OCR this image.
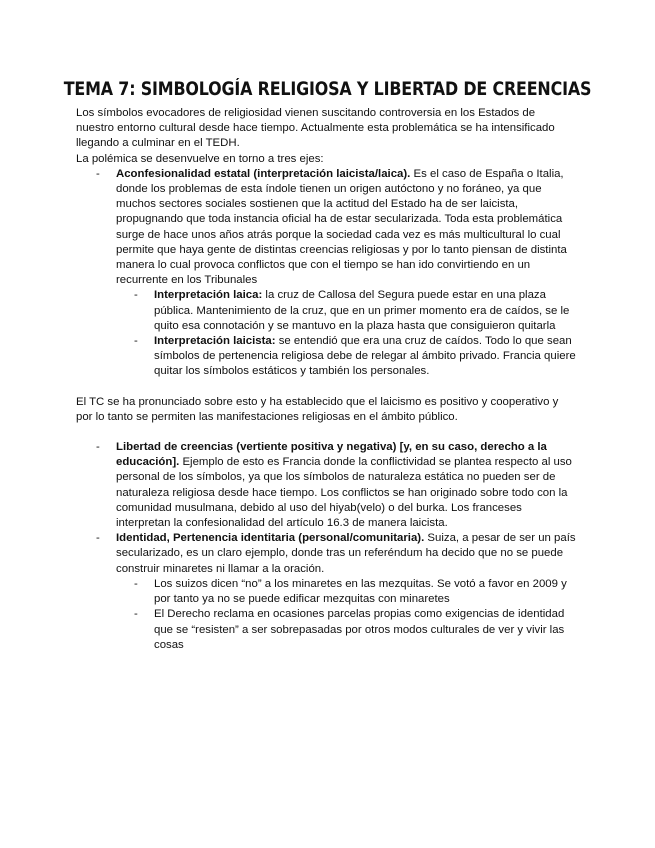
TEMA 7: SIMBOLOGÍA RELIGIOSA Y LIBERTAD DE CREENCIAS

Los símbolos evocadores de religiosidad vienen suscitando controversia en los Estados de nuestro entorno cultural desde hace tiempo. Actualmente esta problemática se ha intensificado llegando a culminar en el TEDH.

La polémica se desenvuelve en torno a tres ejes:

- Aconfesionalidad estatal (interpretación laicista/laica). Es el caso de España o Italia, donde los problemas de esta índole tienen un origen autóctono y no foráneo, ya que muchos sectores sociales sostienen que la actitud del Estado ha de ser laicista, propugnando que toda instancia oficial ha de estar secularizada. Toda esta problemática surge de hace unos años atrás porque la sociedad cada vez es más multicultural lo cual permite que haya gente de distintas creencias religiosas y por lo tanto piensan de distinta manera lo cual provoca conflictos que con el tiempo se han ido convirtiendo en un recurrente en los Tribunales
- Interpretación laica: la cruz de Callosa del Segura puede estar en una plaza pública. Mantenimiento de la cruz, que en un primer momento era de caídos, se le quito esa connotación y se mantuvo en la plaza hasta que consiguieron quitarla
- Interpretación laicista: se entendió que era una cruz de caídos. Todo lo que sean símbolos de pertenencia religiosa debe de relegar al ámbito privado. Francia quiere quitar los símbolos estáticos y también los personales.

El TC se ha pronunciado sobre esto y ha establecido que el laicismo es positivo y cooperativo y por lo tanto se permiten las manifestaciones religiosas en el ámbito público.

- Libertad de creencias (vertiente positiva y negativa) [y, en su caso, derecho a la educación]. Ejemplo de esto es Francia donde la conflictividad se plantea respecto al uso personal de los símbolos, ya que los símbolos de naturaleza estática no pueden ser de naturaleza religiosa desde hace tiempo. Los conflictos se han originado sobre todo con la comunidad musulmana, debido al uso del hiyab(velo) o del burka. Los franceses interpretan la confesionalidad del artículo 16.3 de manera laicista.
- Identidad, Pertenencia identitaria (personal/comunitaria). Suiza, a pesar de ser un país secularizado, es un claro ejemplo, donde tras un referéndum ha decido que no se puede construir minaretes ni llamar a la oración.
- Los suizos dicen “no” a los minaretes en las mezquitas. Se votó a favor en 2009 y por tanto ya no se puede edificar mezquitas con minaretes
- El Derecho reclama en ocasiones parcelas propias como exigencias de identidad que se “resisten” a ser sobrepasadas por otros modos culturales de ver y vivir las cosas
